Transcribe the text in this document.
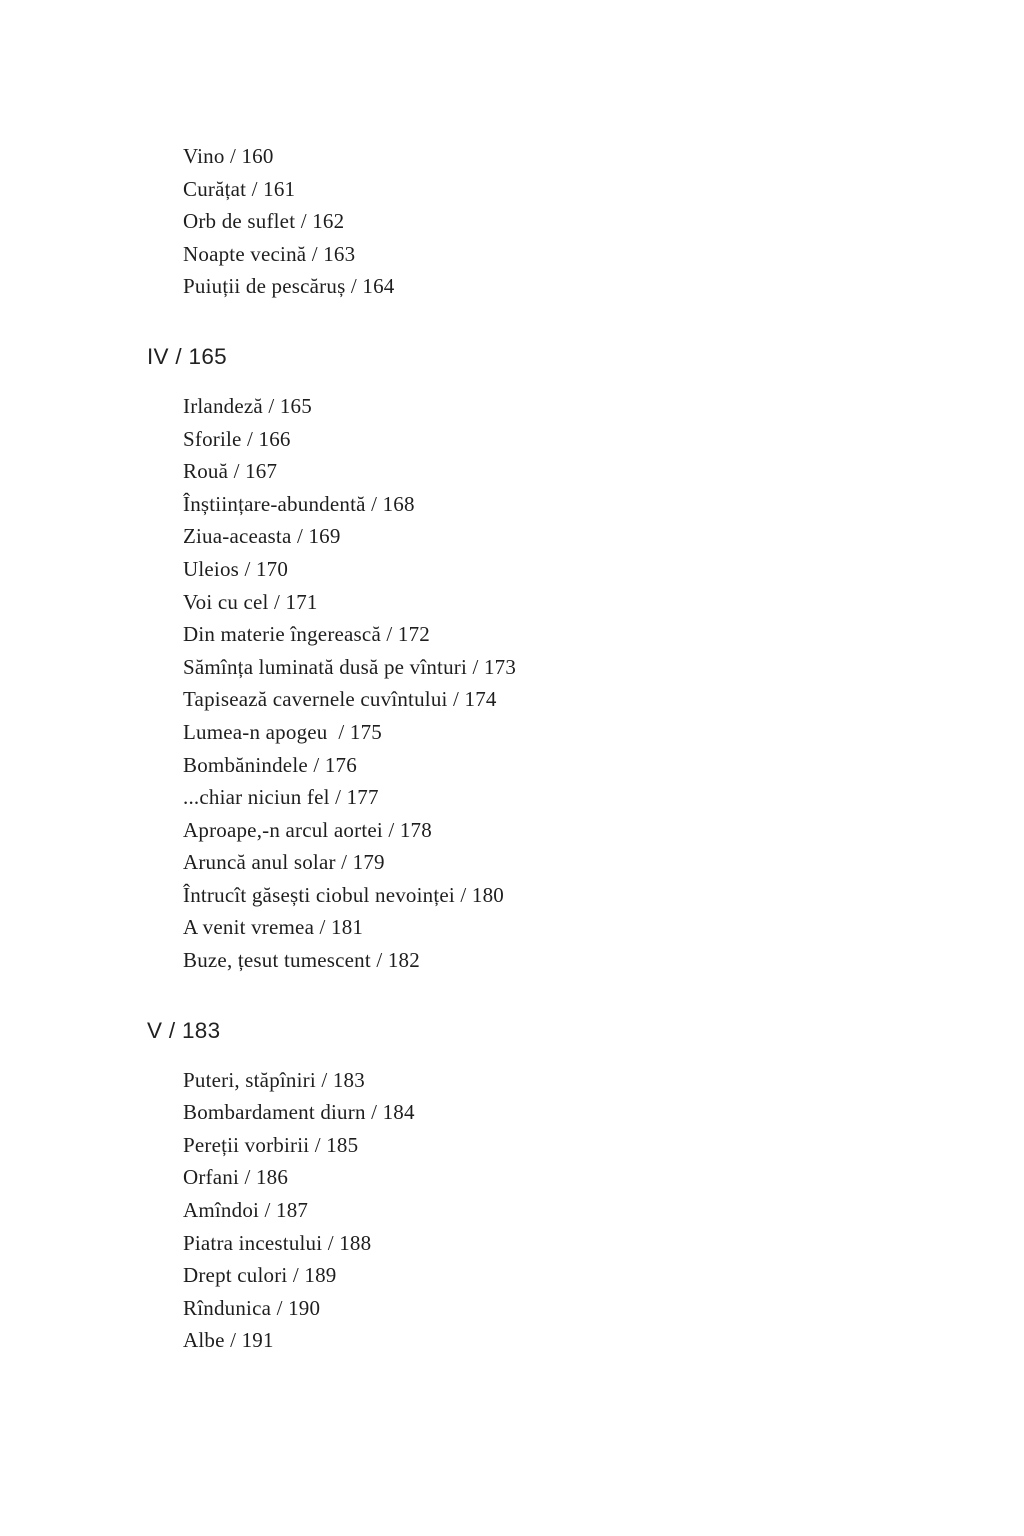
Vino / 160
Curățat / 161
Orb de suflet / 162
Noapte vecină / 163
Puiuții de pescăruș / 164
IV / 165
Irlandeză / 165
Sforile / 166
Rouă / 167
Înștiințare-abundentă / 168
Ziua-aceasta / 169
Uleios / 170
Voi cu cel / 171
Din materie îngerească / 172
Sămînța luminată dusă pe vînturi / 173
Tapisează cavernele cuvîntului / 174
Lumea-n apogeu  / 175
Bombănindele / 176
...chiar niciun fel / 177
Aproape,-n arcul aortei / 178
Aruncă anul solar / 179
Întrucît găsești ciobul nevoinței / 180
A venit vremea / 181
Buze, țesut tumescent / 182
V / 183
Puteri, stăpîniri / 183
Bombardament diurn / 184
Pereții vorbirii / 185
Orfani / 186
Amîndoi / 187
Piatra incestului / 188
Drept culori / 189
Rîndunica / 190
Albe / 191
